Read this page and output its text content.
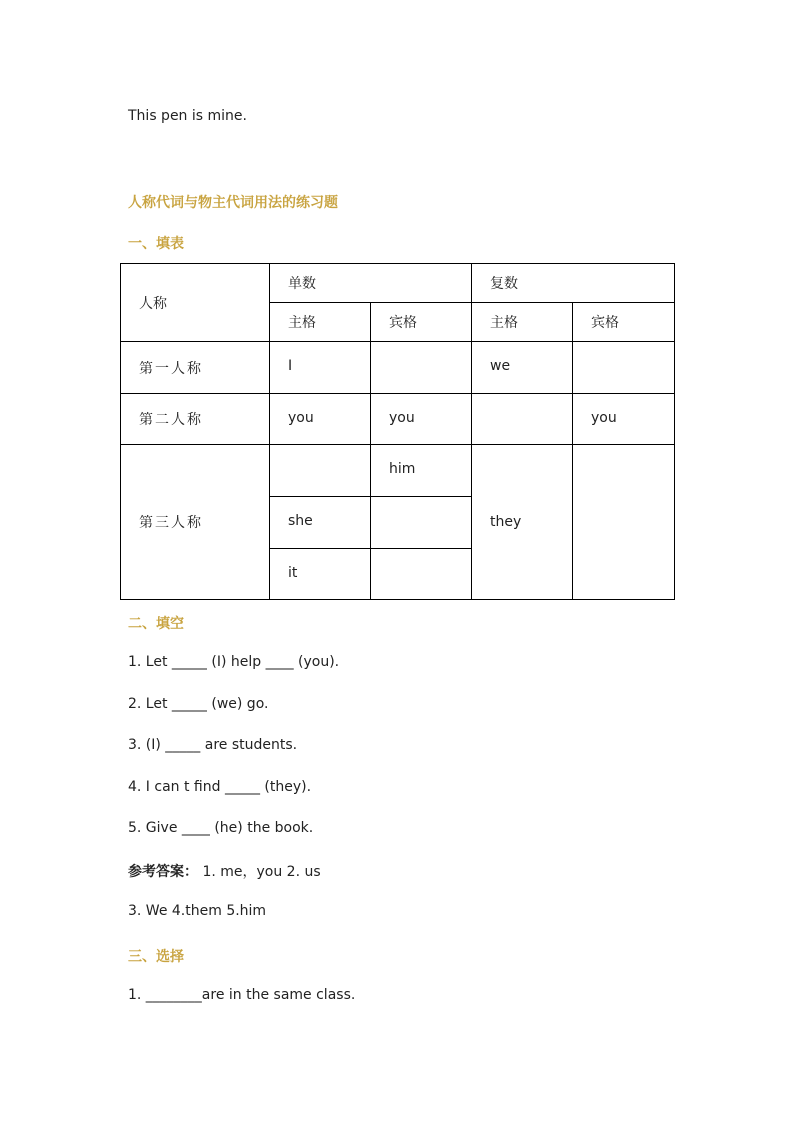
This pen is mine.
人称代词与物主代词用法的练习题
一、填表
人称	单数		复数	
	主格	宾格	主格	宾格
第一人称	I		we	
第二人称	you	you		you
第三人称		him	they	
	she			
	it			
二、填空
1. Let _____ (I) help ____ (you).
2. Let _____ (we) go.
3. (I) _____ are students.
4. I can t find _____ (they).
5. Give ____ (he) the book.
参考答案： 1. me，you 2. us
3. We 4.them 5.him
三、选择
1. ________are in the same class.
